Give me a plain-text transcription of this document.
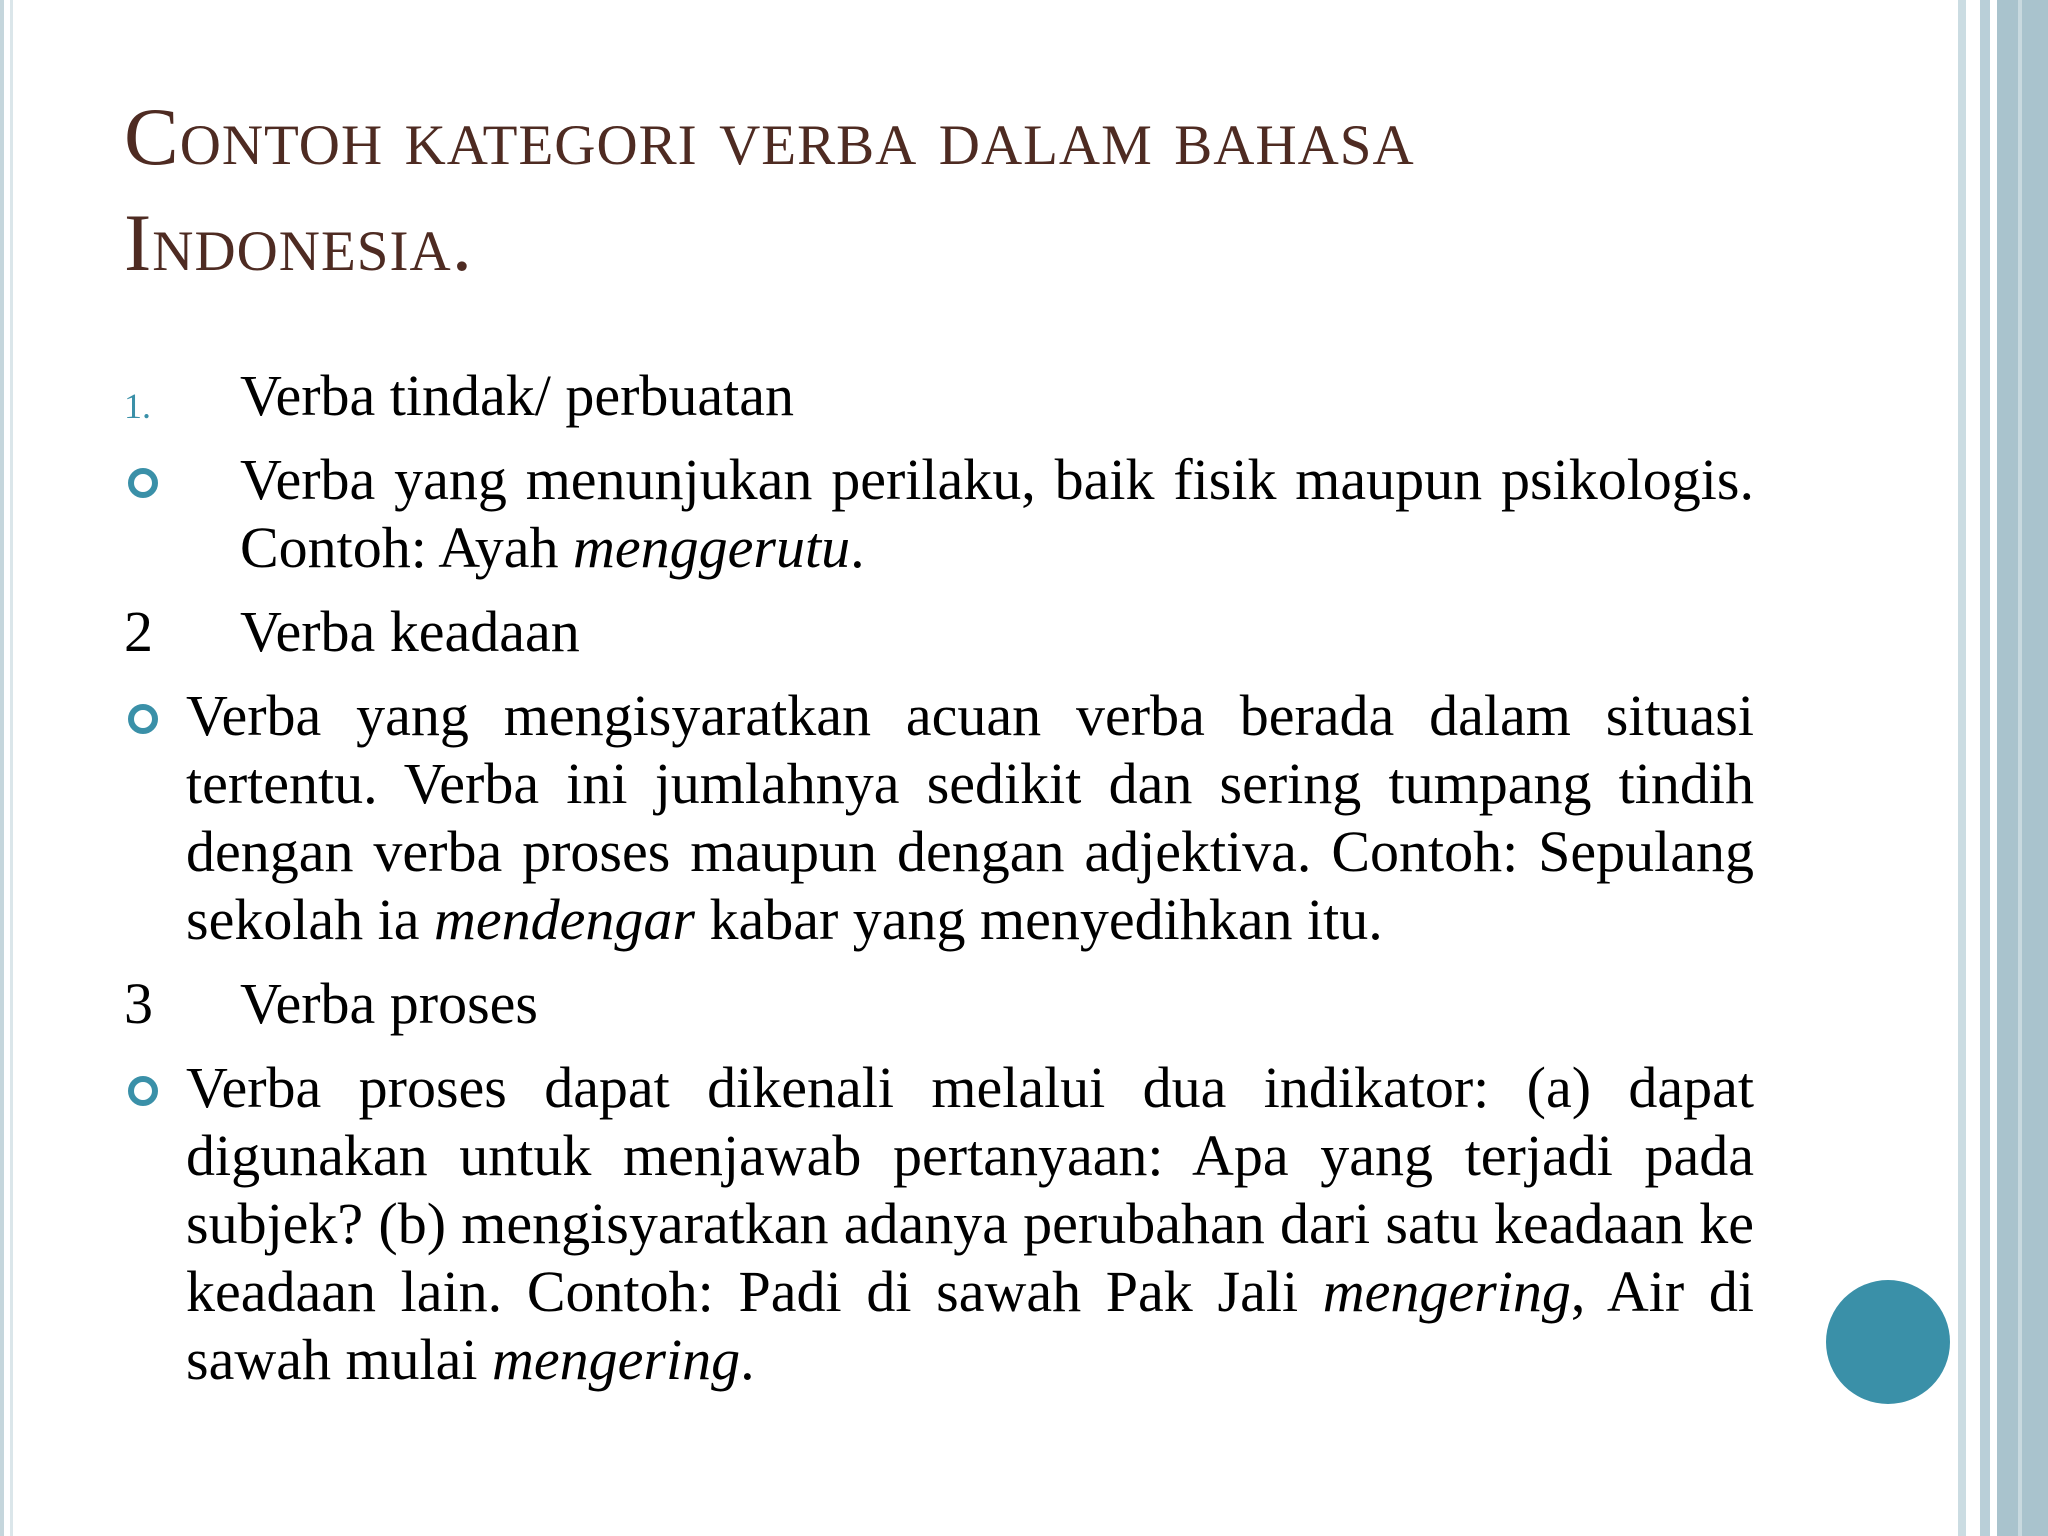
Contoh kategori verba dalam bahasa Indonesia.
1. Verba tindak/ perbuatan
Verba yang menunjukan perilaku, baik fisik maupun psikologis. Contoh: Ayah menggerutu.
2 Verba keadaan
Verba yang mengisyaratkan acuan verba berada dalam situasi tertentu. Verba ini jumlahnya sedikit dan sering tumpang tindih dengan verba proses maupun dengan adjektiva. Contoh: Sepulang sekolah ia mendengar kabar yang menyedihkan itu.
3 Verba proses
Verba proses dapat dikenali melalui dua indikator: (a) dapat digunakan untuk menjawab pertanyaan: Apa yang terjadi pada subjek? (b) mengisyaratkan adanya perubahan dari satu keadaan ke keadaan lain. Contoh: Padi di sawah Pak Jali mengering, Air di sawah mulai mengering.
